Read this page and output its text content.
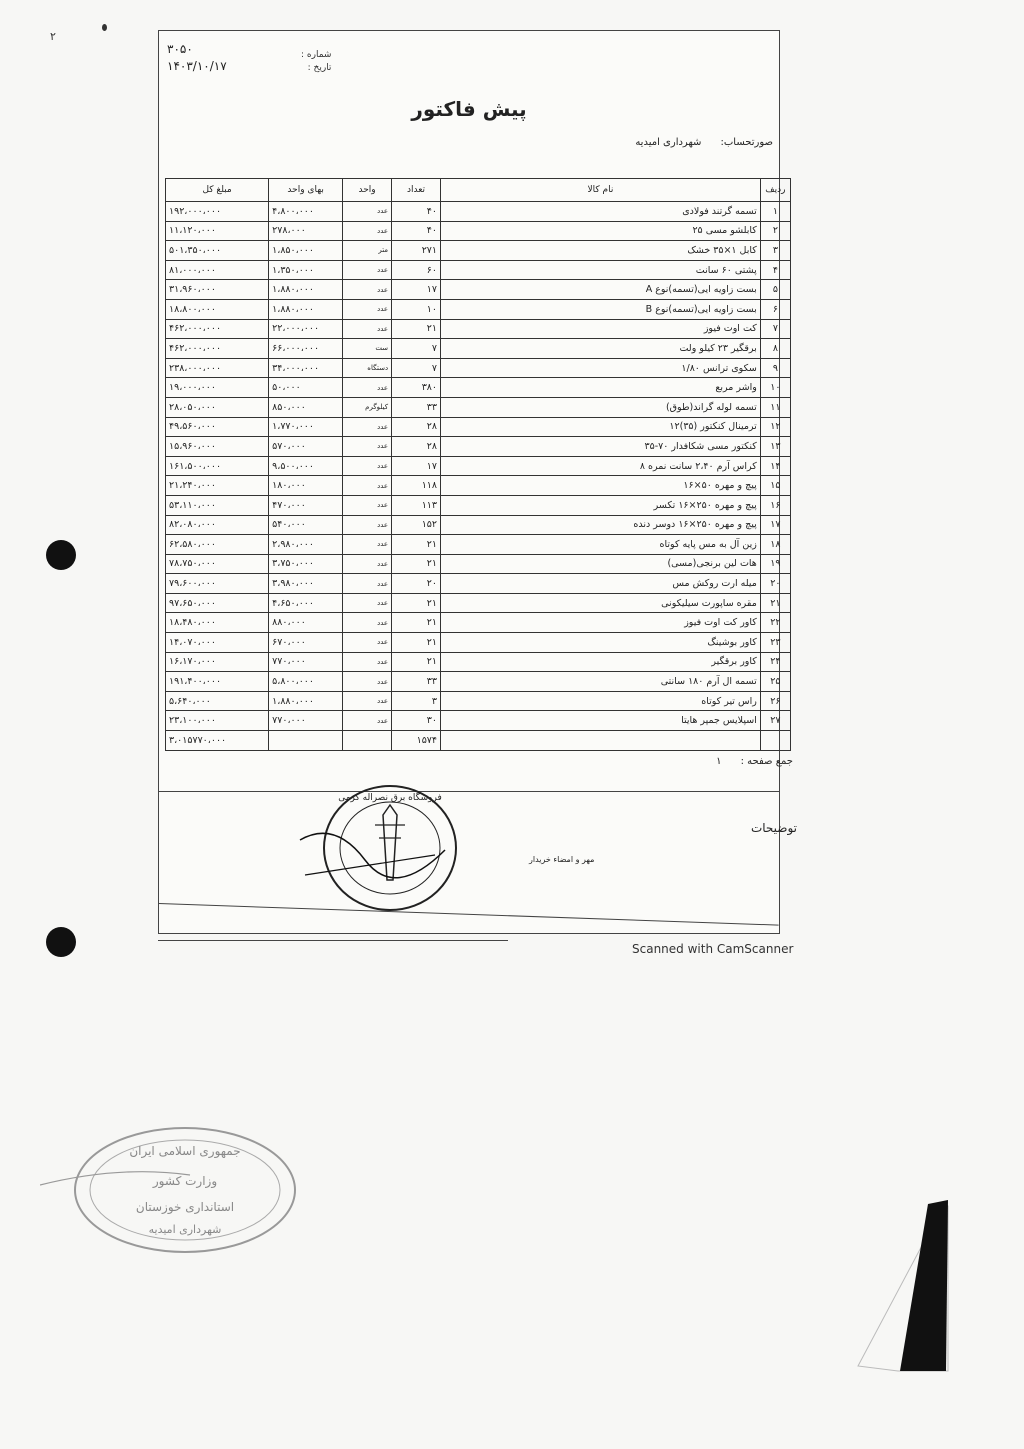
۲
۳۰۵۰
۱۴۰۳/۱۰/۱۷
شماره :
تاریخ :
پیش فاکتور
صورتحساب:      شهرداری امیدیه
ردیف	نام کالا	تعداد	واحد	بهای واحد	مبلغ کل
۱	تسمه گرتند فولادی	۴۰	عدد	۴،۸۰۰،۰۰۰	۱۹۲،۰۰۰،۰۰۰
۲	کابلشو مسی ۲۵	۴۰	عدد	۲۷۸،۰۰۰	۱۱،۱۲۰،۰۰۰
۳	کابل ۱×۳۵ خشک	۲۷۱	متر	۱،۸۵۰،۰۰۰	۵۰۱،۳۵۰،۰۰۰
۴	پشتی ۶۰ سانت	۶۰	عدد	۱،۳۵۰،۰۰۰	۸۱،۰۰۰،۰۰۰
۵	بست زاویه ایی(تسمه)نوع A	۱۷	عدد	۱،۸۸۰،۰۰۰	۳۱،۹۶۰،۰۰۰
۶	بست زاویه ایی(تسمه)نوع B	۱۰	عدد	۱،۸۸۰،۰۰۰	۱۸،۸۰۰،۰۰۰
۷	کت اوت فیوز	۲۱	عدد	۲۲،۰۰۰،۰۰۰	۴۶۲،۰۰۰،۰۰۰
۸	برقگیر ۲۳ کیلو ولت	۷	ست	۶۶،۰۰۰،۰۰۰	۴۶۲،۰۰۰،۰۰۰
۹	سکوی ترانس ۱/۸۰	۷	دستگاه	۳۴،۰۰۰،۰۰۰	۲۳۸،۰۰۰،۰۰۰
۱۰	واشر مربع	۳۸۰	عدد	۵۰،۰۰۰	۱۹،۰۰۰،۰۰۰
۱۱	تسمه لوله گراند(طوق)	۳۳	کیلوگرم	۸۵۰،۰۰۰	۲۸،۰۵۰،۰۰۰
۱۲	ترمینال کنکتور (۳۵)۱۲	۲۸	عدد	۱،۷۷۰،۰۰۰	۴۹،۵۶۰،۰۰۰
۱۳	کنکتور مسی شکافدار ۷۰-۳۵	۲۸	عدد	۵۷۰،۰۰۰	۱۵،۹۶۰،۰۰۰
۱۴	کراس آرم ۲،۴۰ سانت نمره ۸	۱۷	عدد	۹،۵۰۰،۰۰۰	۱۶۱،۵۰۰،۰۰۰
۱۵	پیچ و مهره ۵۰×۱۶	۱۱۸	عدد	۱۸۰،۰۰۰	۲۱،۲۴۰،۰۰۰
۱۶	پیچ و مهره ۲۵۰×۱۶ تکسر	۱۱۳	عدد	۴۷۰،۰۰۰	۵۳،۱۱۰،۰۰۰
۱۷	پیچ و مهره ۲۵۰×۱۶ دوسر دنده	۱۵۲	عدد	۵۴۰،۰۰۰	۸۲،۰۸۰،۰۰۰
۱۸	زین آل به مس پایه کوتاه	۲۱	عدد	۲،۹۸۰،۰۰۰	۶۲،۵۸۰،۰۰۰
۱۹	هات لین برنجی(مسی)	۲۱	عدد	۳،۷۵۰،۰۰۰	۷۸،۷۵۰،۰۰۰
۲۰	میله ارت روکش مس	۲۰	عدد	۳،۹۸۰،۰۰۰	۷۹،۶۰۰،۰۰۰
۲۱	مقره ساپورت سیلیکونی	۲۱	عدد	۴،۶۵۰،۰۰۰	۹۷،۶۵۰،۰۰۰
۲۲	کاور کت اوت فیوز	۲۱	عدد	۸۸۰،۰۰۰	۱۸،۴۸۰،۰۰۰
۲۳	کاور بوشینگ	۲۱	عدد	۶۷۰،۰۰۰	۱۴،۰۷۰،۰۰۰
۲۴	کاور برقگیر	۲۱	عدد	۷۷۰،۰۰۰	۱۶،۱۷۰،۰۰۰
۲۵	تسمه ال آرم ۱۸۰ سانتی	۳۳	عدد	۵،۸۰۰،۰۰۰	۱۹۱،۴۰۰،۰۰۰
۲۶	راس تیر کوتاه	۳	عدد	۱،۸۸۰،۰۰۰	۵،۶۴۰،۰۰۰
۲۷	اسپلایس جمپر هایتا	۳۰	عدد	۷۷۰،۰۰۰	۲۳،۱۰۰،۰۰۰
		۱۵۷۴			۳،۰۱۵۷۷۰،۰۰۰
جمع صفحه :      ۱
توضیحات
مهر و امضاء خریدار
فروشگاه برق نصراله کرمی
جمهوری اسلامی ایران
وزارت کشور
استانداری خوزستان
شهرداری امیدیه
Scanned with CamScanner
